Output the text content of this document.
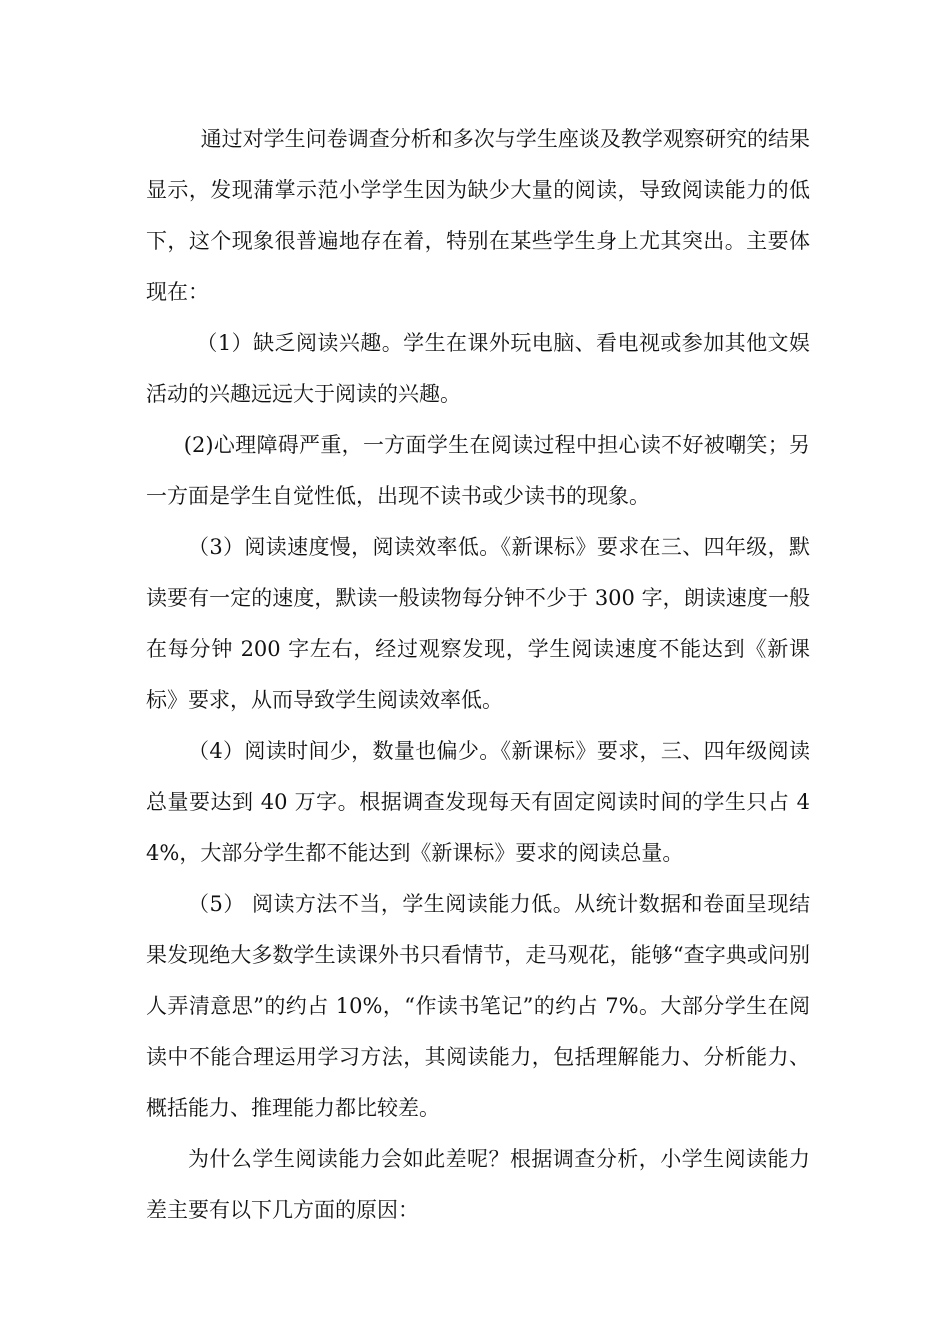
通过对学生问卷调查分析和多次与学生座谈及教学观察研究的结果显示，发现蒲掌示范小学学生因为缺少大量的阅读，导致阅读能力的低下，这个现象很普遍地存在着，特别在某些学生身上尤其突出。主要体现在：

（1）缺乏阅读兴趣。学生在课外玩电脑、看电视或参加其他文娱活动的兴趣远远大于阅读的兴趣。

(2)心理障碍严重，一方面学生在阅读过程中担心读不好被嘲笑；另一方面是学生自觉性低，出现不读书或少读书的现象。

（3）阅读速度慢，阅读效率低。《新课标》要求在三、四年级，默读要有一定的速度，默读一般读物每分钟不少于 300 字，朗读速度一般在每分钟 200 字左右，经过观察发现，学生阅读速度不能达到《新课标》要求，从而导致学生阅读效率低。

（4）阅读时间少，数量也偏少。《新课标》要求，三、四年级阅读总量要达到 40 万字。根据调查发现每天有固定阅读时间的学生只占 44%，大部分学生都不能达到《新课标》要求的阅读总量。

（5） 阅读方法不当，学生阅读能力低。从统计数据和卷面呈现结果发现绝大多数学生读课外书只看情节，走马观花，能够“查字典或问别人弄清意思”的约占 10%，“作读书笔记”的约占 7%。大部分学生在阅读中不能合理运用学习方法，其阅读能力，包括理解能力、分析能力、概括能力、推理能力都比较差。

为什么学生阅读能力会如此差呢？根据调查分析，小学生阅读能力差主要有以下几方面的原因：
